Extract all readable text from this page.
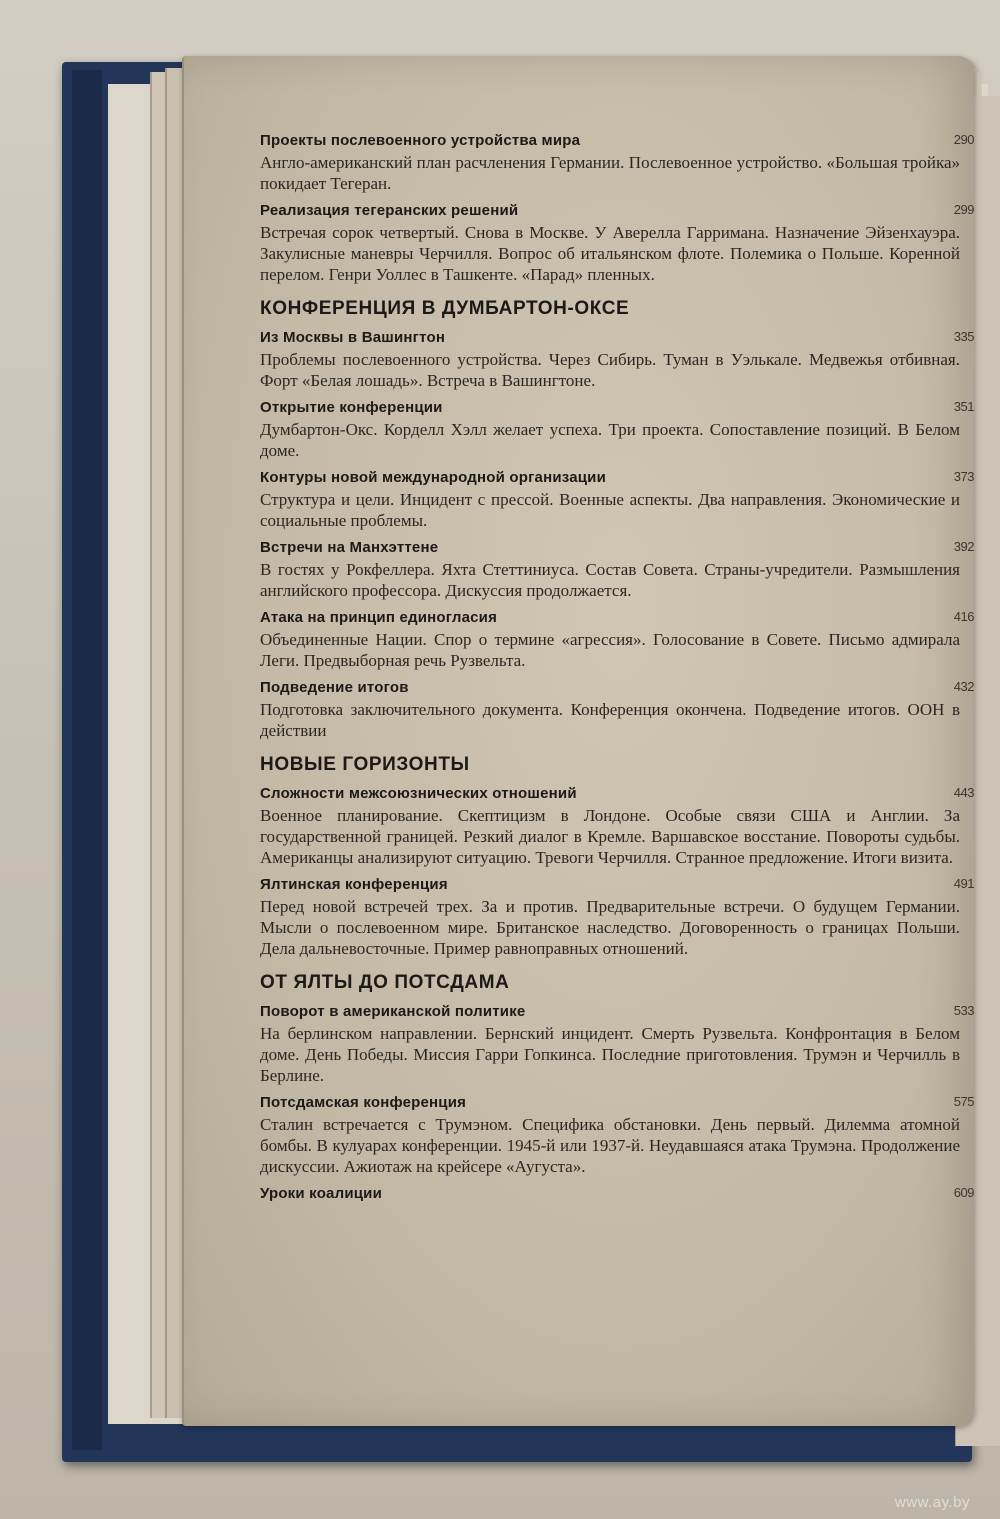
Проекты послевоенного устройства мира	290
Англо-американский план расчленения Германии. Послевоенное устройство. «Большая тройка» покидает Тегеран.
Реализация тегеранских решений	299
Встречая сорок четвертый. Снова в Москве. У Аверелла Гарримана. Назначение Эйзенхауэра. Закулисные маневры Черчилля. Вопрос об итальянском флоте. Полемика о Польше. Коренной перелом. Генри Уоллес в Ташкенте. «Парад» пленных.
КОНФЕРЕНЦИЯ В ДУМБАРТОН-ОКСЕ
Из Москвы в Вашингтон	335
Проблемы послевоенного устройства. Через Сибирь. Туман в Уэлькале. Медвежья отбивная. Форт «Белая лошадь». Встреча в Вашингтоне.
Открытие конференции	351
Думбартон-Окс. Корделл Хэлл желает успеха. Три проекта. Сопоставление позиций. В Белом доме.
Контуры новой международной организации	373
Структура и цели. Инцидент с прессой. Военные аспекты. Два направления. Экономические и социальные проблемы.
Встречи на Манхэттене	392
В гостях у Рокфеллера. Яхта Стеттиниуса. Состав Совета. Страны-учредители. Размышления английского профессора. Дискуссия продолжается.
Атака на принцип единогласия	416
Объединенные Нации. Спор о термине «агрессия». Голосование в Совете. Письмо адмирала Леги. Предвыборная речь Рузвельта.
Подведение итогов	432
Подготовка заключительного документа. Конференция окончена. Подведение итогов. ООН в действии
НОВЫЕ ГОРИЗОНТЫ
Сложности межсоюзнических отношений	443
Военное планирование. Скептицизм в Лондоне. Особые связи США и Англии. За государственной границей. Резкий диалог в Кремле. Варшавское восстание. Повороты судьбы. Американцы анализируют ситуацию. Тревоги Черчилля. Странное предложение. Итоги визита.
Ялтинская конференция	491
Перед новой встречей трех. За и против. Предварительные встречи. О будущем Германии. Мысли о послевоенном мире. Британское наследство. Договоренность о границах Польши. Дела дальневосточные. Пример равноправных отношений.
ОТ ЯЛТЫ ДО ПОТСДАМА
Поворот в американской политике	533
На берлинском направлении. Бернский инцидент. Смерть Рузвельта. Конфронтация в Белом доме. День Победы. Миссия Гарри Гопкинса. Последние приготовления. Трумэн и Черчилль в Берлине.
Потсдамская конференция	575
Сталин встречается с Трумэном. Специфика обстановки. День первый. Дилемма атомной бомбы. В кулуарах конференции. 1945-й или 1937-й. Неудавшаяся атака Трумэна. Продолжение дискуссии. Ажиотаж на крейсере «Аугуста».
Уроки коалиции	609
www.ay.by
